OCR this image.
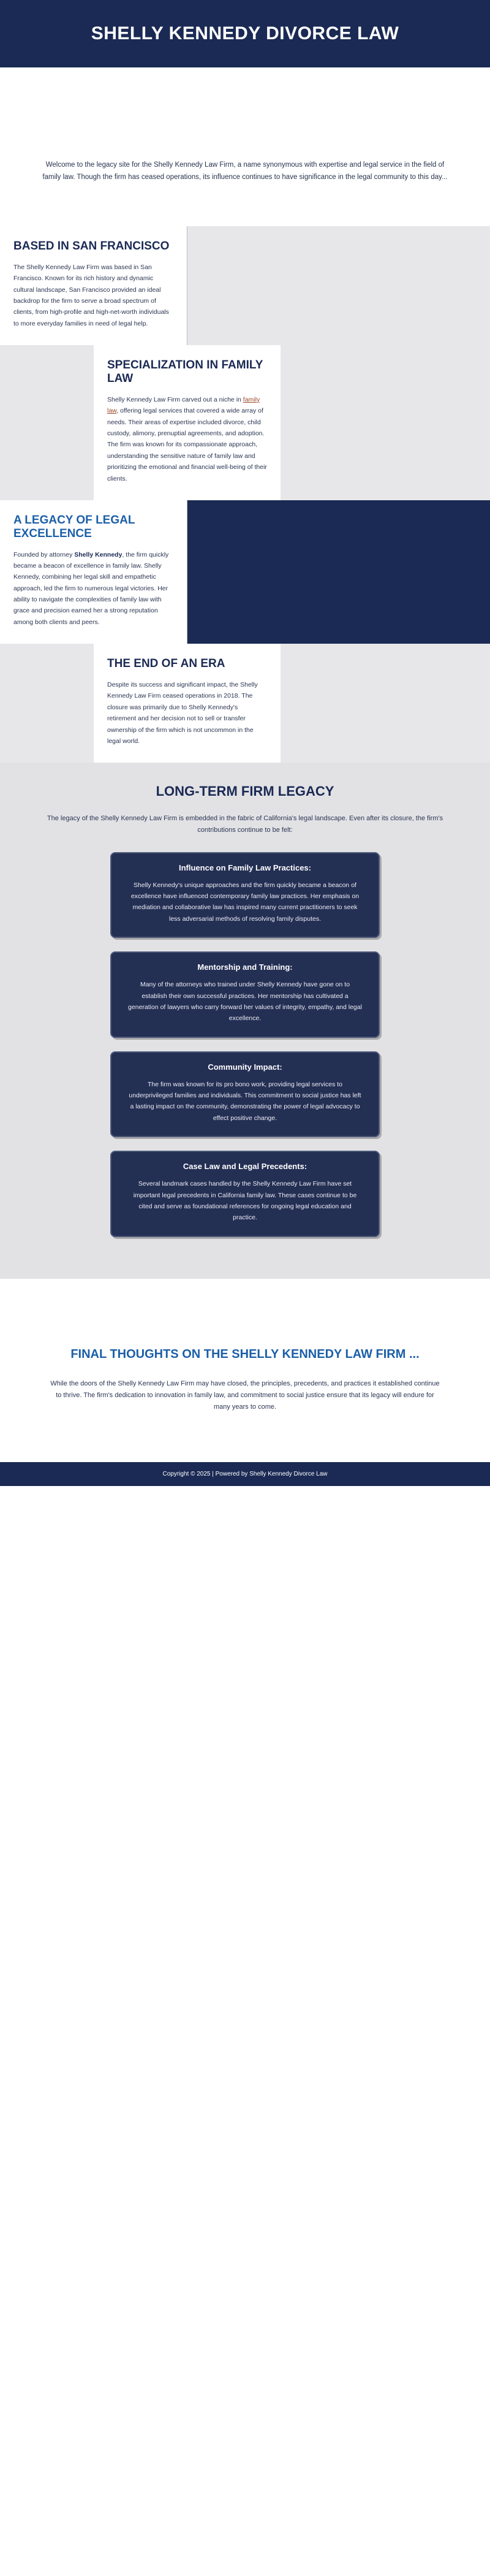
SHELLY KENNEDY DIVORCE LAW

Welcome to the legacy site for the Shelly Kennedy Law Firm, a name synonymous with expertise and legal service in the field of family law. Though the firm has ceased operations, its influence continues to have significance in the legal community to this day...

BASED IN SAN FRANCISCO

The Shelly Kennedy Law Firm was based in San Francisco. Known for its rich history and dynamic cultural landscape, San Francisco provided an ideal backdrop for the firm to serve a broad spectrum of clients, from high-profile and high-net-worth individuals to more everyday families in need of legal help.

SPECIALIZATION IN FAMILY LAW

Shelly Kennedy Law Firm carved out a niche in family law, offering legal services that covered a wide array of needs. Their areas of expertise included divorce, child custody, alimony, prenuptial agreements, and adoption. The firm was known for its compassionate approach, understanding the sensitive nature of family law and prioritizing the emotional and financial well-being of their clients.

A LEGACY OF LEGAL EXCELLENCE

Founded by attorney Shelly Kennedy, the firm quickly became a beacon of excellence in family law. Shelly Kennedy, combining her legal skill and empathetic approach, led the firm to numerous legal victories. Her ability to navigate the complexities of family law with grace and precision earned her a strong reputation among both clients and peers.

THE END OF AN ERA

Despite its success and significant impact, the Shelly Kennedy Law Firm ceased operations in 2018. The closure was primarily due to Shelly Kennedy's retirement and her decision not to sell or transfer ownership of the firm which is not uncommon in the legal world.

LONG-TERM FIRM LEGACY

The legacy of the Shelly Kennedy Law Firm is embedded in the fabric of California's legal landscape. Even after its closure, the firm's contributions continue to be felt:

Influence on Family Law Practices:

Shelly Kennedy's unique approaches and the firm quickly became a beacon of excellence have influenced contemporary family law practices. Her emphasis on mediation and collaborative law has inspired many current practitioners to seek less adversarial methods of resolving family disputes.

Mentorship and Training:

Many of the attorneys who trained under Shelly Kennedy have gone on to establish their own successful practices. Her mentorship has cultivated a generation of lawyers who carry forward her values of integrity, empathy, and legal excellence.

Community Impact:

The firm was known for its pro bono work, providing legal services to underprivileged families and individuals. This commitment to social justice has left a lasting impact on the community, demonstrating the power of legal advocacy to effect positive change.

Case Law and Legal Precedents:

Several landmark cases handled by the Shelly Kennedy Law Firm have set important legal precedents in California family law. These cases continue to be cited and serve as foundational references for ongoing legal education and practice.

FINAL THOUGHTS ON THE SHELLY KENNEDY LAW FIRM ...

While the doors of the Shelly Kennedy Law Firm may have closed, the principles, precedents, and practices it established continue to thrive. The firm's dedication to innovation in family law, and commitment to social justice ensure that its legacy will endure for many years to come.

Copyright © 2025 | Powered by Shelly Kennedy Divorce Law
